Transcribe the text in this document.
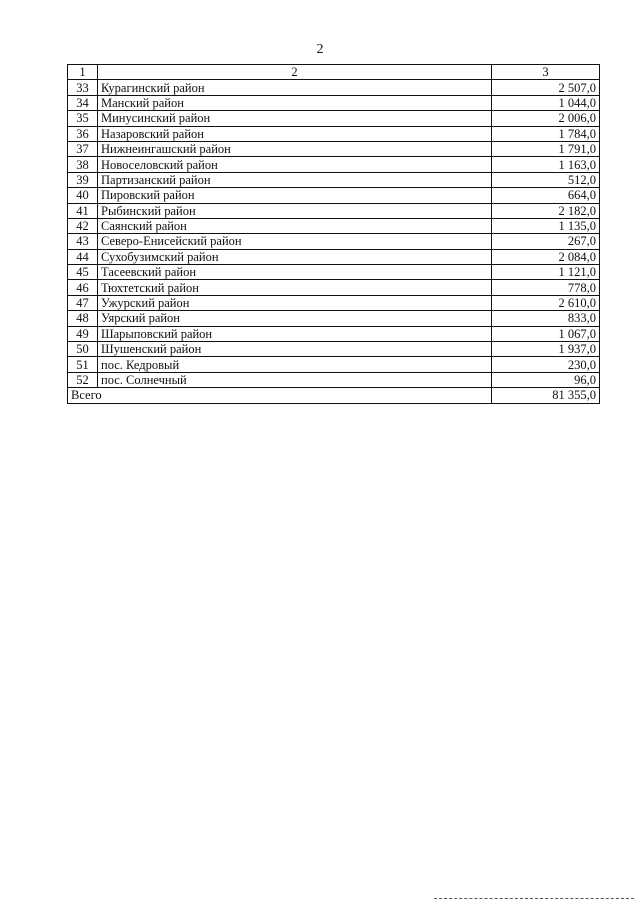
2
1	2	3
33	Курагинский район	2 507,0
34	Манский район	1 044,0
35	Минусинский район	2 006,0
36	Назаровский район	1 784,0
37	Нижнеингашский район	1 791,0
38	Новоселовский район	1 163,0
39	Партизанский район	512,0
40	Пировский район	664,0
41	Рыбинский район	2 182,0
42	Саянский район	1 135,0
43	Северо-Енисейский район	267,0
44	Сухобузимский район	2 084,0
45	Тасеевский район	1 121,0
46	Тюхтетский район	778,0
47	Ужурский район	2 610,0
48	Уярский район	833,0
49	Шарыповский район	1 067,0
50	Шушенский район	1 937,0
51	пос. Кедровый	230,0
52	пос. Солнечный	96,0
Всего		81 355,0
